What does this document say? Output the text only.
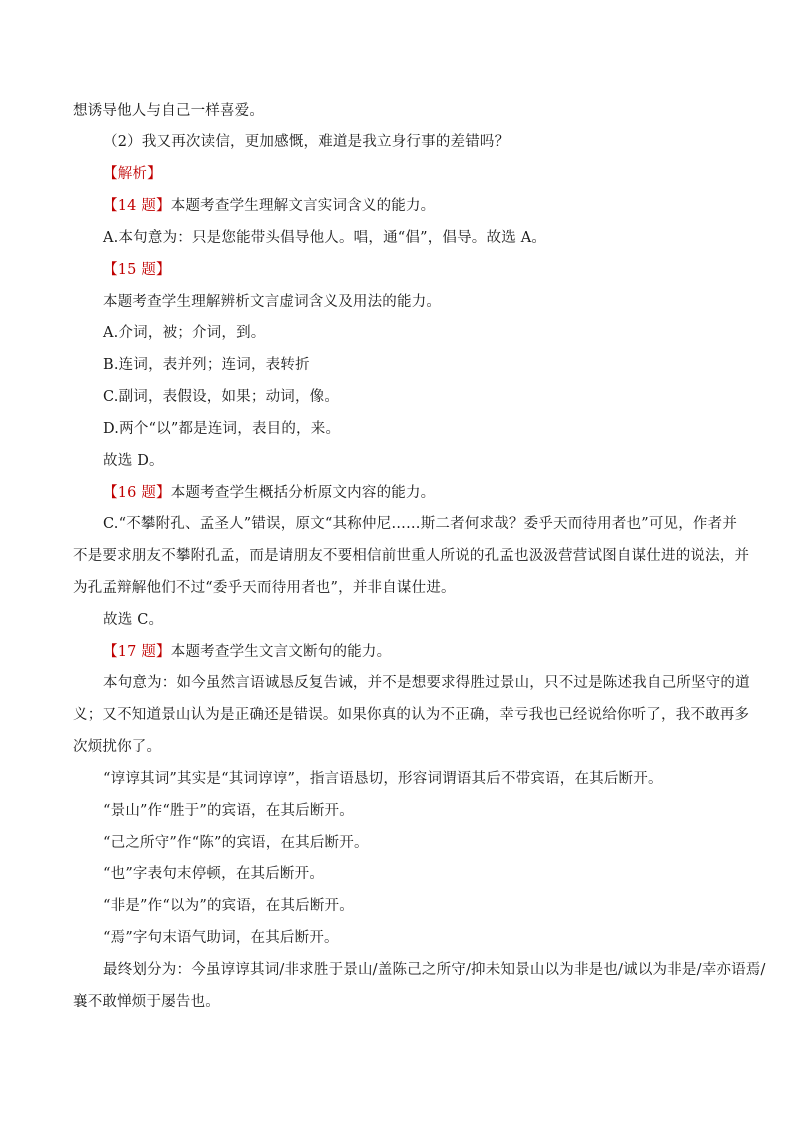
想诱导他人与自己一样喜爱。
（2）我又再次读信，更加感慨，难道是我立身行事的差错吗？
【解析】
【14 题】本题考查学生理解文言实词含义的能力。
A.本句意为：只是您能带头倡导他人。唱，通“倡”，倡导。故选 A。
【15 题】
本题考查学生理解辨析文言虚词含义及用法的能力。
A.介词，被；介词，到。
B.连词，表并列；连词，表转折
C.副词，表假设，如果；动词，像。
D.两个“以”都是连词，表目的，来。
故选 D。
【16 题】本题考查学生概括分析原文内容的能力。
C.“不攀附孔、孟圣人”错误，原文“其称仲尼……斯二者何求哉？委乎天而待用者也”可见，作者并
不是要求朋友不攀附孔孟，而是请朋友不要相信前世重人所说的孔孟也汲汲营营试图自谋仕进的说法，并
为孔孟辩解他们不过“委乎天而待用者也”，并非自谋仕进。
故选 C。
【17 题】本题考查学生文言文断句的能力。
本句意为：如今虽然言语诚恳反复告诫，并不是想要求得胜过景山，只不过是陈述我自己所坚守的道
义；又不知道景山认为是正确还是错误。如果你真的认为不正确，幸亏我也已经说给你听了，我不敢再多
次烦扰你了。
“谆谆其词”其实是“其词谆谆”，指言语恳切，形容词谓语其后不带宾语，在其后断开。
“景山”作“胜于”的宾语，在其后断开。
“己之所守”作“陈”的宾语，在其后断开。
“也”字表句末停顿，在其后断开。
“非是”作“以为”的宾语，在其后断开。
“焉”字句末语气助词，在其后断开。
最终划分为：今虽谆谆其词/非求胜于景山/盖陈己之所守/抑未知景山以为非是也/诚以为非是/幸亦语焉/
襄不敢惮烦于屡告也。
